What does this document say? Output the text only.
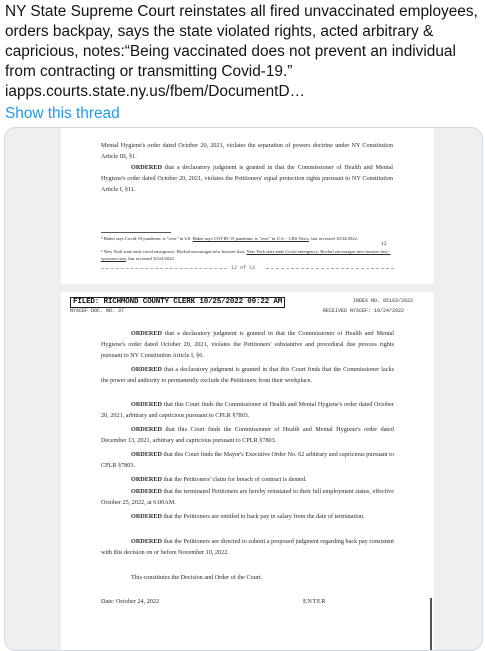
NY State Supreme Court reinstates all fired unvaccinated employees,
orders backpay, says the state violated rights, acted arbitrary &
capricious, notes:“Being vaccinated does not prevent an individual
from contracting or transmitting Covid-19.”
iapps.courts.state.ny.us/fbem/DocumentD…
Show this thread
Mental Hygiene's order dated October 20, 2021, violates the separation of powers doctrine under NY Constitution Article III, §1.
ORDERED that a declaratory judgment is granted in that the Commissioner of Health and Mental Hygiene's order dated October 20, 2021, violates the Petitioners' equal protection rights pursuant to NY Constitution Article I, §11.
⁵ Biden says Covid-19 pandemic is "over" in US. Biden says COVID-19 pandemic is "over" in U.S. - CBS News, last accessed 10/24/2022.
⁶ New York state ends covid emergency; Hochul encourages new booster shot, New York state ends Covid emergency; Hochul encourages new booster shot - syracuse.com, last accessed 10/24/2022.
12
12 of 13
FILED: RICHMOND COUNTY CLERK 10/25/2022 09:22 AM
NYSCEF DOC. NO. 37
INDEX NO. 85163/2022
RECEIVED NYSCEF: 10/24/2022
ORDERED that a declaratory judgment is granted in that the Commissioner of Health and Mental Hygiene's order dated October 20, 2021, violates the Petitioners' substantive and procedural due process rights pursuant to NY Constitution Article I, §6.
ORDERED that a declaratory judgment is granted in that this Court finds that the Commissioner lacks the power and authority to permanently exclude the Petitioners from their workplace.
ORDERED that this Court finds the Commissioner of Health and Mental Hygiene's order dated October 20, 2021, arbitrary and capricious pursuant to CPLR §7803.
ORDERED that this Court finds the Commissioner of Health and Mental Hygiene's order dated December 13, 2021, arbitrary and capricious pursuant to CPLR §7803.
ORDERED that this Court finds the Mayor's Executive Order No. 62 arbitrary and capricious pursuant to CPLR §7803.
ORDERED that the Petitioners' claim for breach of contract is denied.
ORDERED that the terminated Petitioners are hereby reinstated to their full employment status, effective October 25, 2022, at 6:00AM.
ORDERED that the Petitioners are entitled to back pay in salary from the date of termination.
ORDERED that the Petitioners are directed to submit a proposed judgment regarding back pay consistent with this decision on or before November 10, 2022.
This constitutes the Decision and Order of the Court.
Date: October 24, 2022	ENTER
